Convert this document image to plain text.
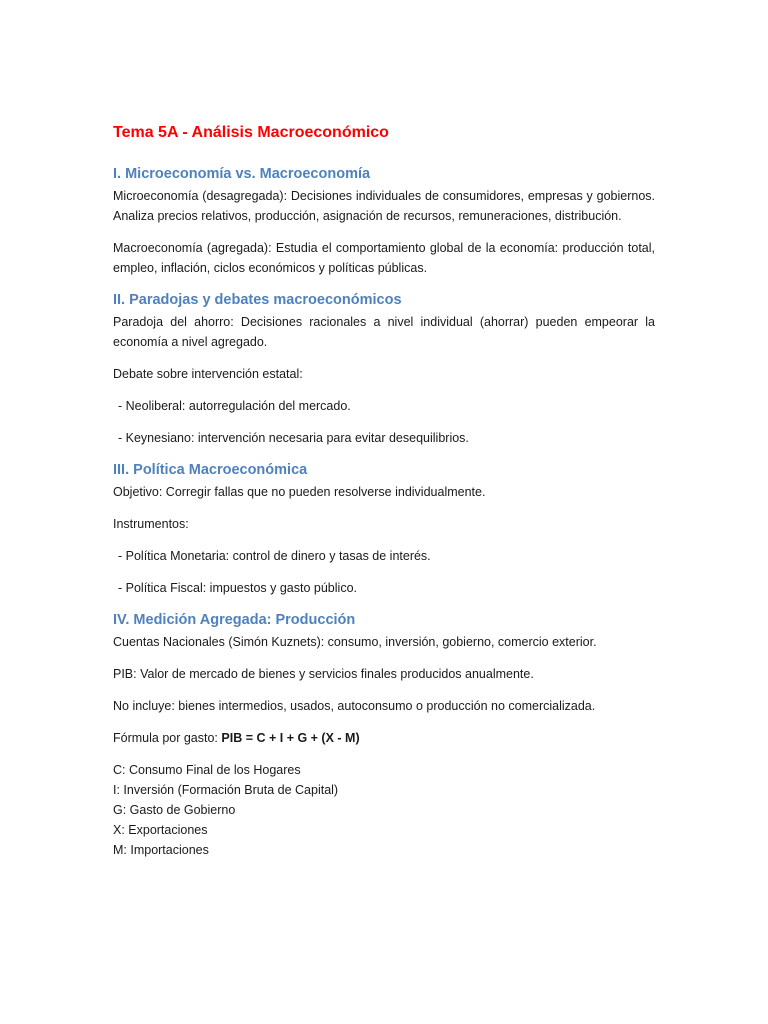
Tema 5A - Análisis Macroeconómico
I. Microeconomía vs. Macroeconomía

Microeconomía (desagregada): Decisiones individuales de consumidores, empresas y gobiernos. Analiza precios relativos, producción, asignación de recursos, remuneraciones, distribución.

Macroeconomía (agregada): Estudia el comportamiento global de la economía: producción total, empleo, inflación, ciclos económicos y políticas públicas.

II. Paradojas y debates macroeconómicos

Paradoja del ahorro: Decisiones racionales a nivel individual (ahorrar) pueden empeorar la economía a nivel agregado.

Debate sobre intervención estatal:

- Neoliberal: autorregulación del mercado.

- Keynesiano: intervención necesaria para evitar desequilibrios.

III. Política Macroeconómica

Objetivo: Corregir fallas que no pueden resolverse individualmente.

Instrumentos:

- Política Monetaria: control de dinero y tasas de interés.

- Política Fiscal: impuestos y gasto público.

IV. Medición Agregada: Producción

Cuentas Nacionales (Simón Kuznets): consumo, inversión, gobierno, comercio exterior.

PIB: Valor de mercado de bienes y servicios finales producidos anualmente.

No incluye: bienes intermedios, usados, autoconsumo o producción no comercializada.

Fórmula por gasto: PIB = C + I + G + (X - M)

C: Consumo Final de los Hogares

I: Inversión (Formación Bruta de Capital)

G: Gasto de Gobierno

X: Exportaciones

M: Importaciones
